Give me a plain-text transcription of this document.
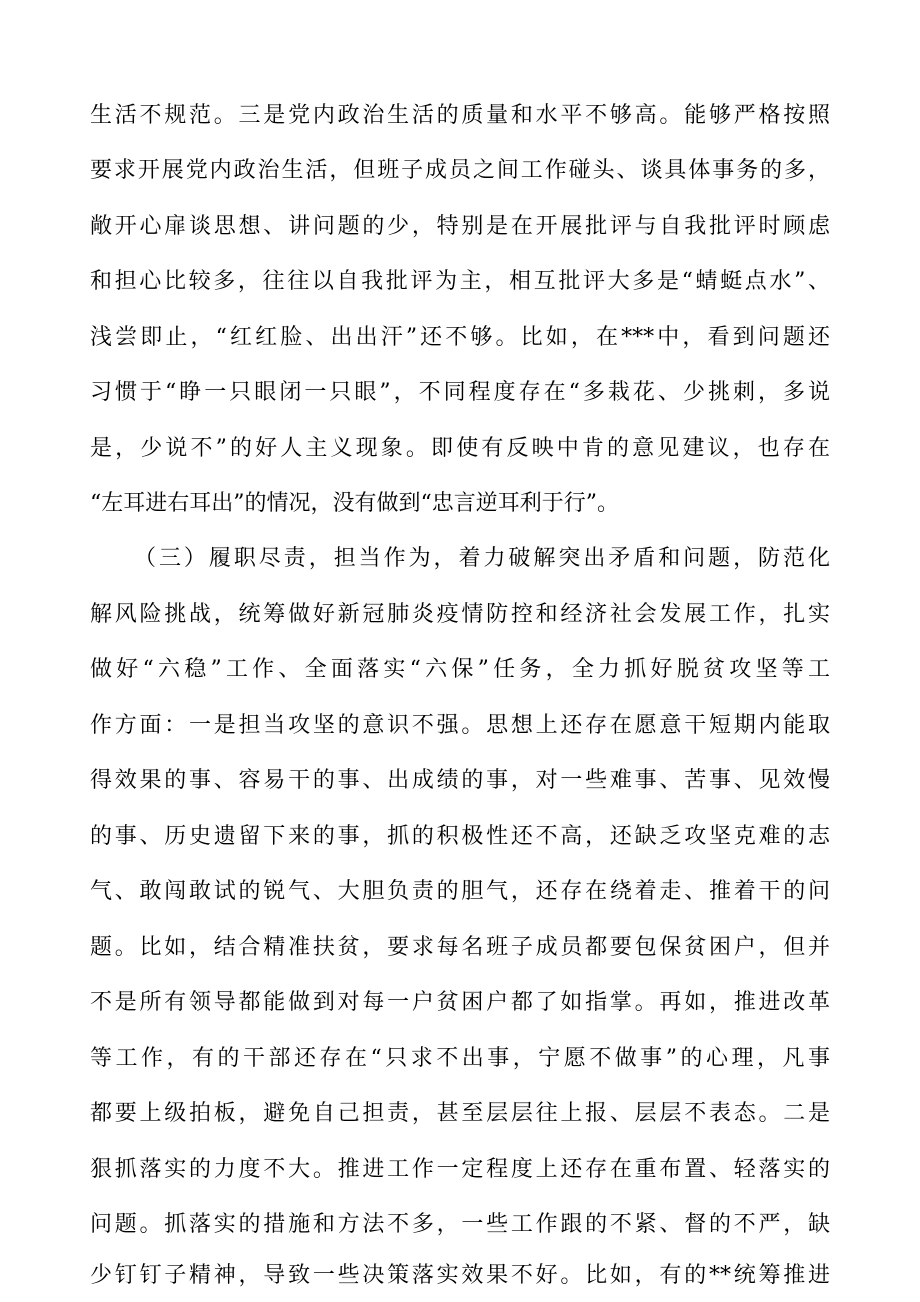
生活不规范。三是党内政治生活的质量和水平不够高。能够严格按照
要求开展党内政治生活，但班子成员之间工作碰头、谈具体事务的多，
敞开心扉谈思想、讲问题的少，特别是在开展批评与自我批评时顾虑
和担心比较多，往往以自我批评为主，相互批评大多是“蜻蜓点水”、
浅尝即止，“红红脸、出出汗”还不够。比如，在***中，看到问题还
习惯于“睁一只眼闭一只眼”，不同程度存在“多栽花、少挑刺，多说
是，少说不”的好人主义现象。即使有反映中肯的意见建议，也存在
“左耳进右耳出”的情况，没有做到“忠言逆耳利于行”。
（三）履职尽责，担当作为，着力破解突出矛盾和问题，防范化
解风险挑战，统筹做好新冠肺炎疫情防控和经济社会发展工作，扎实
做好“六稳”工作、全面落实“六保”任务，全力抓好脱贫攻坚等工
作方面：一是担当攻坚的意识不强。思想上还存在愿意干短期内能取
得效果的事、容易干的事、出成绩的事，对一些难事、苦事、见效慢
的事、历史遗留下来的事，抓的积极性还不高，还缺乏攻坚克难的志
气、敢闯敢试的锐气、大胆负责的胆气，还存在绕着走、推着干的问
题。比如，结合精准扶贫，要求每名班子成员都要包保贫困户，但并
不是所有领导都能做到对每一户贫困户都了如指掌。再如，推进改革
等工作，有的干部还存在“只求不出事，宁愿不做事”的心理，凡事
都要上级拍板，避免自己担责，甚至层层往上报、层层不表态。二是
狠抓落实的力度不大。推进工作一定程度上还存在重布置、轻落实的
问题。抓落实的措施和方法不多，一些工作跟的不紧、督的不严，缺
少钉钉子精神，导致一些决策落实效果不好。比如，有的**统筹推进
